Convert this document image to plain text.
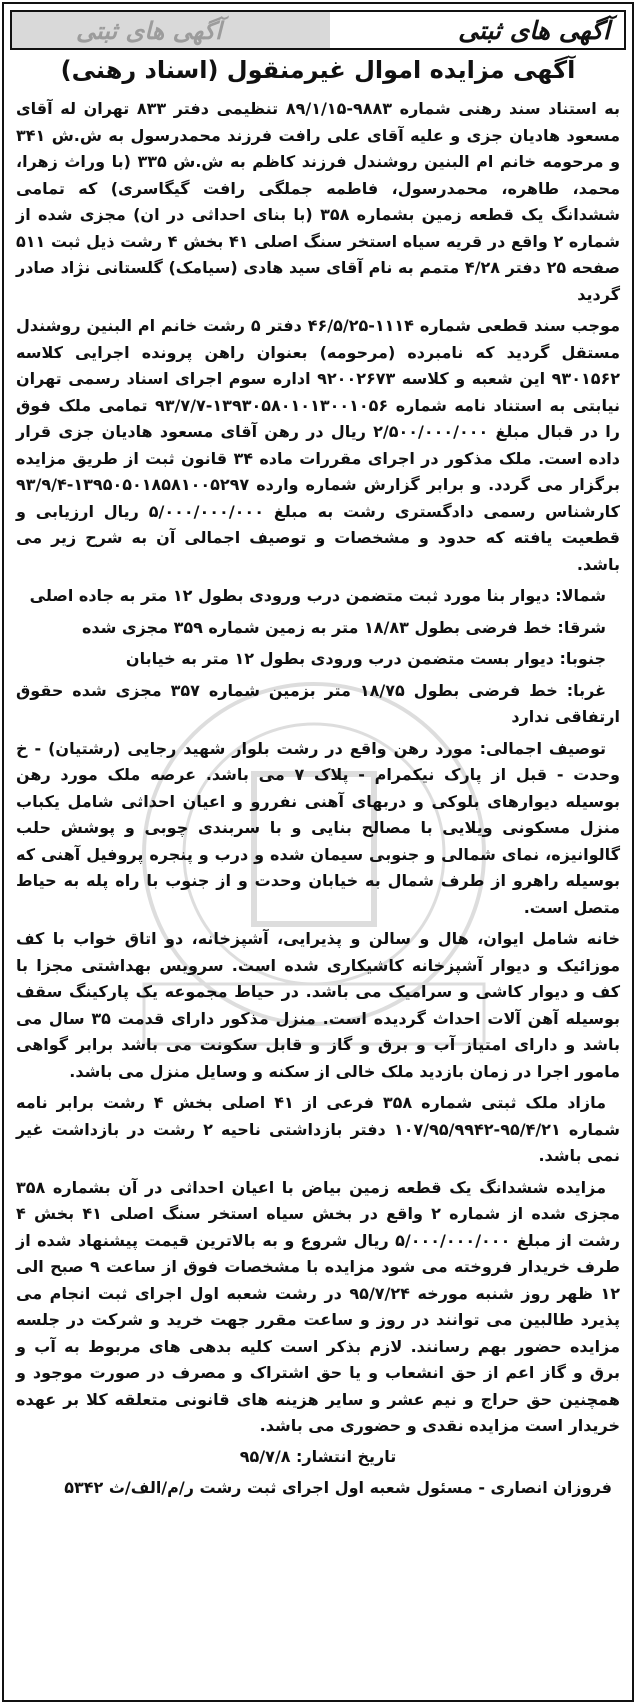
آگهی های ثبتی
آگهی های ثبتی
آگهی مزایده اموال غیرمنقول (اسناد رهنی)

به استناد سند رهنی شماره ۹۸۸۳-۸۹/۱/۱۵ تنظیمی دفتر ۸۳۳ تهران له آقای مسعود هادیان جزی و علیه آقای علی رافت فرزند محمدرسول به ش.ش ۳۴۱ و مرحومه خانم ام البنین روشندل فرزند کاظم به ش.ش ۳۳۵ (با وراث زهرا، محمد، طاهره، محمدرسول، فاطمه جملگی رافت گیگاسری) که تمامی ششدانگ یک قطعه زمین بشماره ۳۵۸ (با بنای احداثی در ان) مجزی شده از شماره ۲ واقع در قریه سیاه استخر سنگ اصلی ۴۱ بخش ۴ رشت ذیل ثبت ۵۱۱ صفحه ۲۵ دفتر ۴/۲۸ متمم به نام آقای سید هادی (سیامک) گلستانی نژاد صادر گردید

موجب سند قطعی شماره ۱۱۱۴-۴۶/۵/۲۵ دفتر ۵ رشت خانم ام البنین روشندل مستقل گردید که نامبرده (مرحومه) بعنوان راهن پرونده اجرایی کلاسه ۹۳۰۱۵۶۲ این شعبه و کلاسه ۹۲۰۰۲۶۷۳ اداره سوم اجرای اسناد رسمی تهران نیابتی به استناد نامه شماره ۱۳۹۳۰۵۸۰۱۰۱۳۰۰۱۰۵۶-۹۳/۷/۷ تمامی ملک فوق را در قبال مبلغ ۲/۵۰۰/۰۰۰/۰۰۰ ریال در رهن آقای مسعود هادیان جزی قرار داده است. ملک مذکور در اجرای مقررات ماده ۳۴ قانون ثبت از طریق مزایده برگزار می گردد. و برابر گزارش شماره وارده ۱۳۹۵۰۵۰۱۸۵۸۱۰۰۵۲۹۷-۹۳/۹/۴ کارشناس رسمی دادگستری رشت به مبلغ ۵/۰۰۰/۰۰۰/۰۰۰ ریال ارزیابی و قطعیت یافته که حدود و مشخصات و توصیف اجمالی آن به شرح زیر می باشد.

شمالا: دیوار بنا مورد ثبت متضمن درب ورودی بطول ۱۲ متر به جاده اصلی

شرقا: خط فرضی بطول ۱۸/۸۳ متر به زمین شماره ۳۵۹ مجزی شده

جنوبا: دیوار بست متضمن درب ورودی بطول ۱۲ متر به خیابان

غربا: خط فرضی بطول ۱۸/۷۵ متر بزمین شماره ۳۵۷ مجزی شده حقوق ارتفاقی ندارد

توصیف اجمالی: مورد رهن واقع در رشت بلوار شهید رجایی (رشتیان) - خ وحدت - قبل از پارک نیکمرام - پلاک ۷ می باشد. عرصه ملک مورد رهن بوسیله دیوارهای بلوکی و دربهای آهنی نفررو و اعیان احداثی شامل یکباب منزل مسکونی ویلایی با مصالح بنایی و با سربندی چوبی و پوشش حلب گالوانیزه، نمای شمالی و جنوبی سیمان شده و درب و پنجره پروفیل آهنی که بوسیله راهرو از طرف شمال به خیابان وحدت و از جنوب با راه پله به حیاط متصل است.

خانه شامل ایوان، هال و سالن و پذیرایی، آشپزخانه، دو اتاق خواب با کف موزائیک و دیوار آشپزخانه کاشیکاری شده است. سرویس بهداشتی مجزا با کف و دیوار کاشی و سرامیک می باشد. در حیاط مجموعه یک پارکینگ سقف بوسیله آهن آلات احداث گردیده است. منزل مذکور دارای قدمت ۳۵ سال می باشد و دارای امتیاز آب و برق و گاز و قابل سکونت می باشد برابر گواهی مامور اجرا در زمان بازدید ملک خالی از سکنه و وسایل منزل می باشد.

مازاد ملک ثبتی شماره ۳۵۸ فرعی از ۴۱ اصلی بخش ۴ رشت برابر نامه شماره ۹۵/۴/۲۱-۱۰۷/۹۵/۹۹۴۲ دفتر بازداشتی ناحیه ۲ رشت در بازداشت غیر نمی باشد.

مزایده ششدانگ یک قطعه زمین بیاض با اعیان احداثی در آن بشماره ۳۵۸ مجزی شده از شماره ۲ واقع در بخش سیاه استخر سنگ اصلی ۴۱ بخش ۴ رشت از مبلغ ۵/۰۰۰/۰۰۰/۰۰۰ ریال شروع و به بالاترین قیمت پیشنهاد شده از طرف خریدار فروخته می شود مزایده با مشخصات فوق از ساعت ۹ صبح الی ۱۲ ظهر روز شنبه مورخه ۹۵/۷/۲۴ در رشت شعبه اول اجرای ثبت انجام می پذیرد طالبین می توانند در روز و ساعت مقرر جهت خرید و شرکت در جلسه مزایده حضور بهم رسانند. لازم بذکر است کلیه بدهی های مربوط به آب و برق و گاز اعم از حق انشعاب و یا حق اشتراک و مصرف در صورت موجود و همچنین حق حراج و نیم عشر و سایر هزینه های قانونی متعلقه کلا بر عهده خریدار است مزایده نقدی و حضوری می باشد.

تاریخ انتشار: ۹۵/۷/۸
فروزان انصاری - مسئول شعبه اول اجرای ثبت رشت ر/م/الف/ث ۵۳۴۲
